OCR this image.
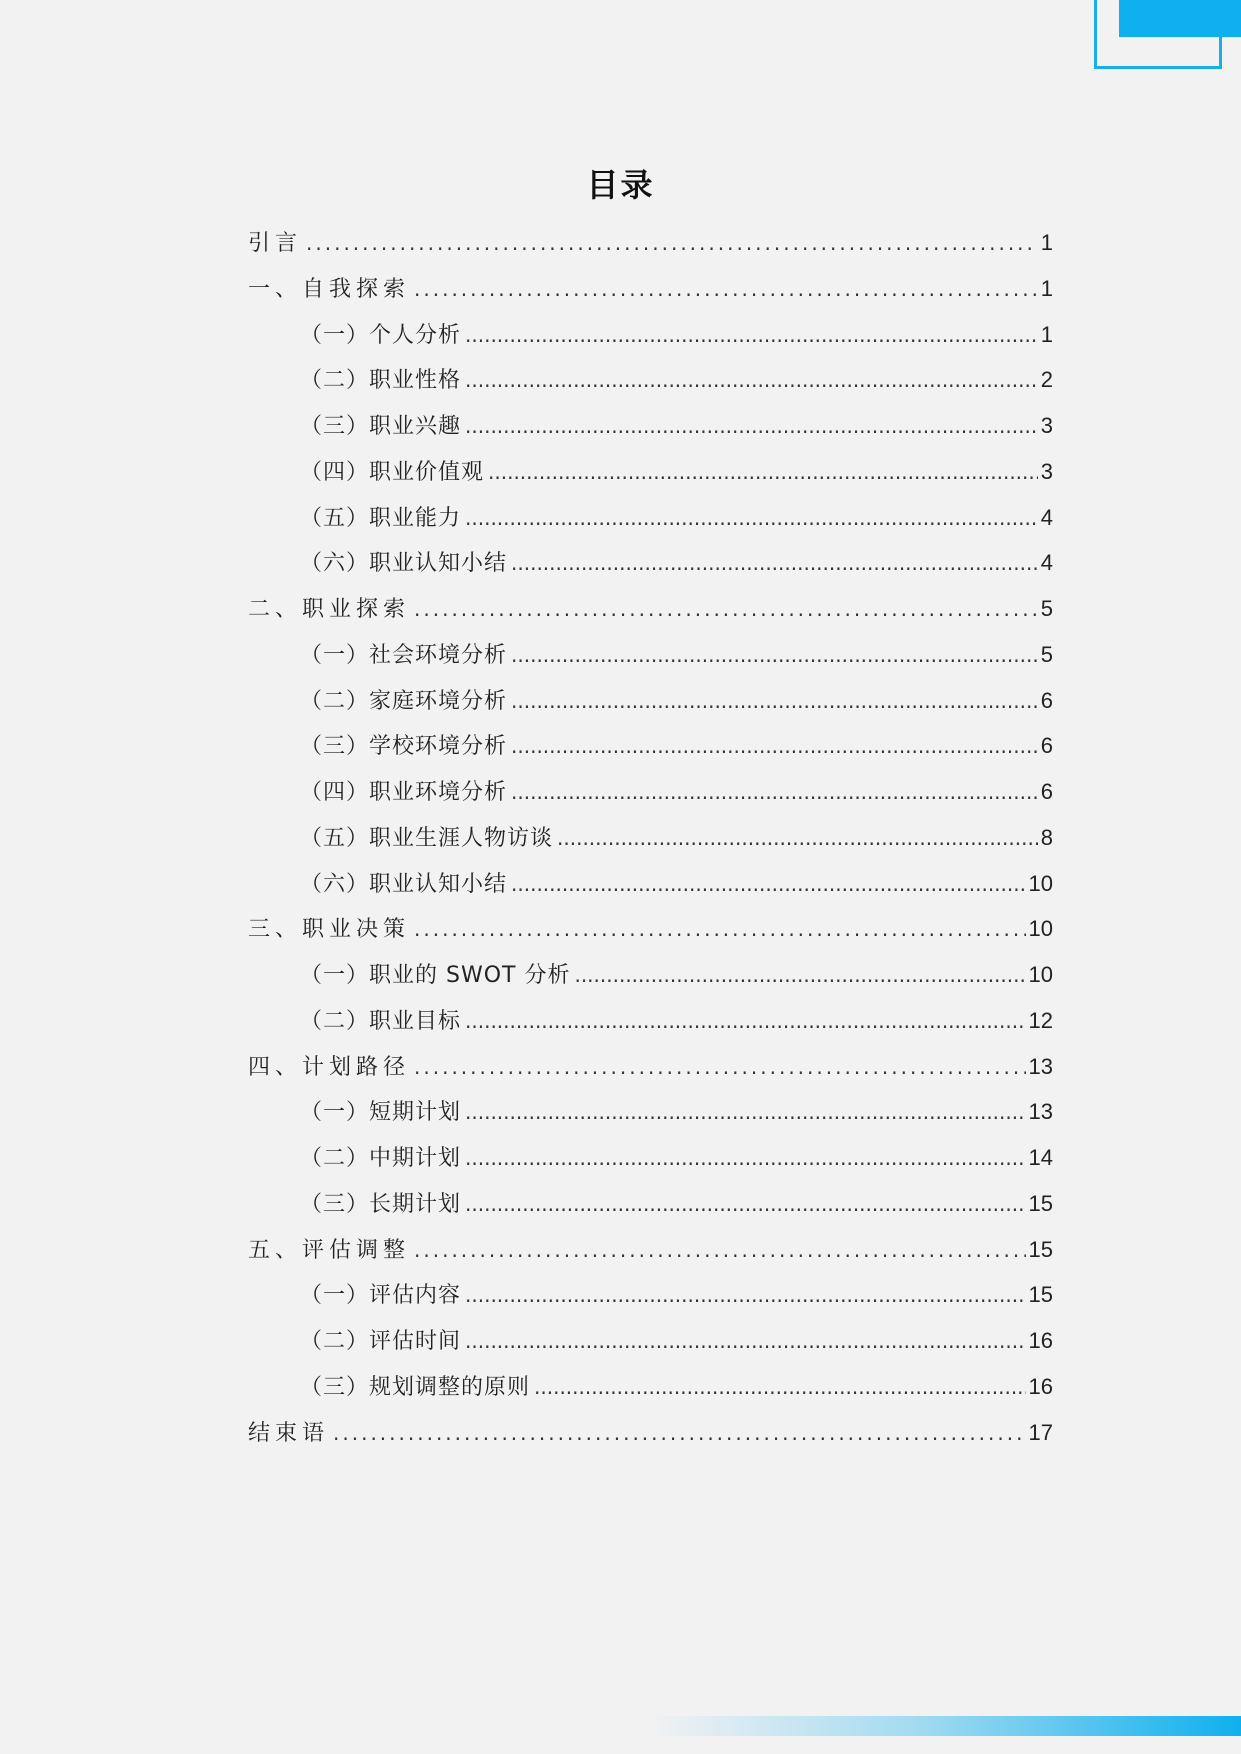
目录
引言 .....	1
一、自我探索 .....	1
（一）个人分析 .....	1
（二）职业性格 .....	2
（三）职业兴趣 .....	3
（四）职业价值观 .....	3
（五）职业能力 .....	4
（六）职业认知小结 .....	4
二、职业探索 .....	5
（一）社会环境分析 .....	5
（二）家庭环境分析 .....	6
（三）学校环境分析 .....	6
（四）职业环境分析 .....	6
（五）职业生涯人物访谈 .....	8
（六）职业认知小结 .....	10
三、职业决策 .....	10
（一）职业的 SWOT 分析 .....	10
（二）职业目标 .....	12
四、计划路径 .....	13
（一）短期计划 .....	13
（二）中期计划 .....	14
（三）长期计划 .....	15
五、评估调整 .....	15
（一）评估内容 .....	15
（二）评估时间 .....	16
（三）规划调整的原则 .....	16
结束语 .....	17
